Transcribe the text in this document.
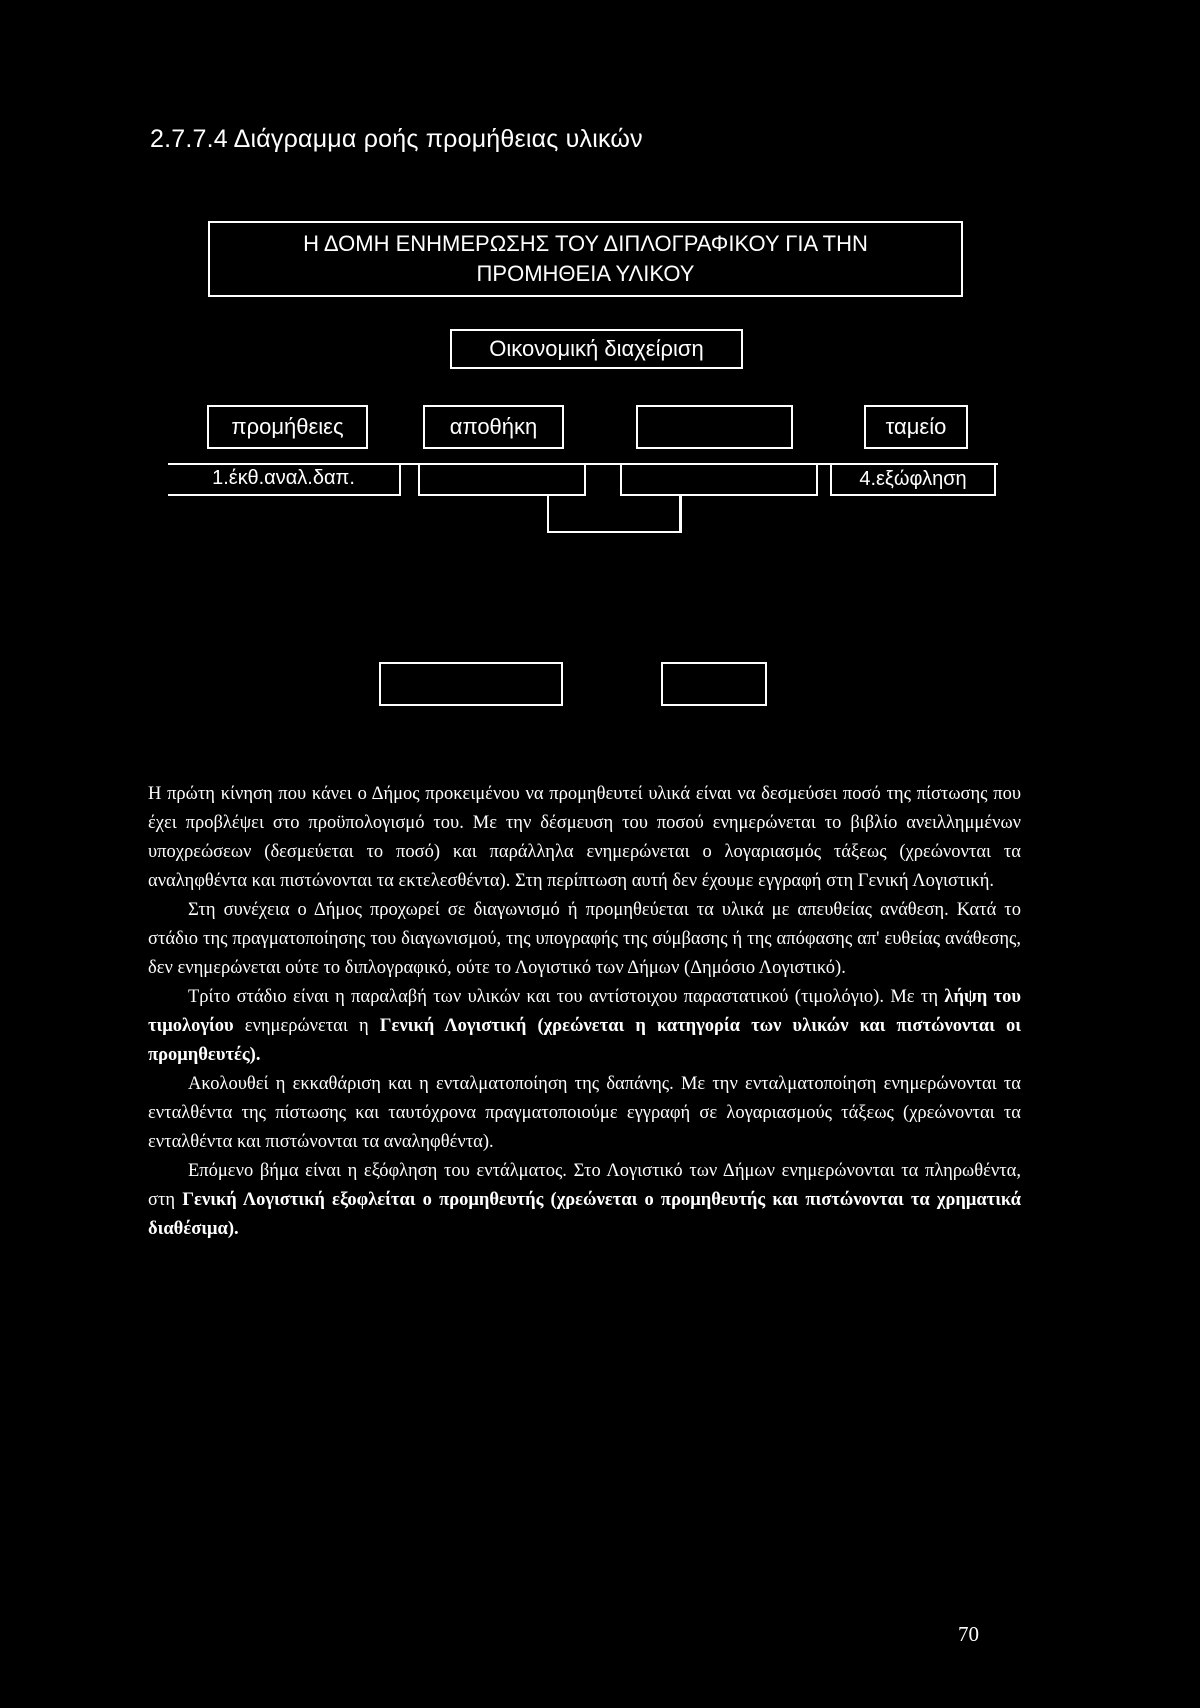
2.7.7.4 Διάγραμμα ροής προμήθειας υλικών
Η ΔΟΜΗ ΕΝΗΜΕΡΩΣΗΣ ΤΟΥ ΔΙΠΛΟΓΡΑΦΙΚΟΥ ΓΙΑ ΤΗΝ
ΠΡΟΜΗΘΕΙΑ ΥΛΙΚΟΥ
Οικονομική διαχείριση
προμήθειες	αποθήκη	ταμείο
1.έκθ.αναλ.δαπ.	4.εξώφληση

Η πρώτη κίνηση που κάνει ο Δήμος προκειμένου να προμηθευτεί υλικά είναι να δεσμεύσει ποσό της πίστωσης που έχει προβλέψει στο προϋπολογισμό του. Με την δέσμευση του ποσού ενημερώνεται το βιβλίο ανειλλημμένων υποχρεώσεων (δεσμεύεται το ποσό) και παράλληλα ενημερώνεται ο λογαριασμός τάξεως (χρεώνονται τα αναληφθέντα και πιστώνονται τα εκτελεσθέντα). Στη περίπτωση αυτή δεν έχουμε εγγραφή στη Γενική Λογιστική.

Στη συνέχεια ο Δήμος προχωρεί σε διαγωνισμό ή προμηθεύεται τα υλικά με απευθείας ανάθεση. Κατά το στάδιο της πραγματοποίησης του διαγωνισμού, της υπογραφής της σύμβασης ή της απόφασης απ' ευθείας ανάθεσης, δεν ενημερώνεται ούτε το διπλογραφικό, ούτε το Λογιστικό των Δήμων (Δημόσιο Λογιστικό).

Τρίτο στάδιο είναι η παραλαβή των υλικών και του αντίστοιχου παραστατικού (τιμολόγιο). Με τη λήψη του τιμολογίου ενημερώνεται η Γενική Λογιστική (χρεώνεται η κατηγορία των υλικών και πιστώνονται οι προμηθευτές).

Ακολουθεί η εκκαθάριση και η ενταλματοποίηση της δαπάνης. Με την ενταλματοποίηση ενημερώνονται τα ενταλθέντα της πίστωσης και ταυτόχρονα πραγματοποιούμε εγγραφή σε λογαριασμούς τάξεως (χρεώνονται τα ενταλθέντα και πιστώνονται τα αναληφθέντα).

Επόμενο βήμα είναι η εξόφληση του εντάλματος. Στο Λογιστικό των Δήμων ενημερώνονται τα πληρωθέντα, στη Γενική Λογιστική εξοφλείται ο προμηθευτής (χρεώνεται ο προμηθευτής και πιστώνονται τα χρηματικά διαθέσιμα).

70
